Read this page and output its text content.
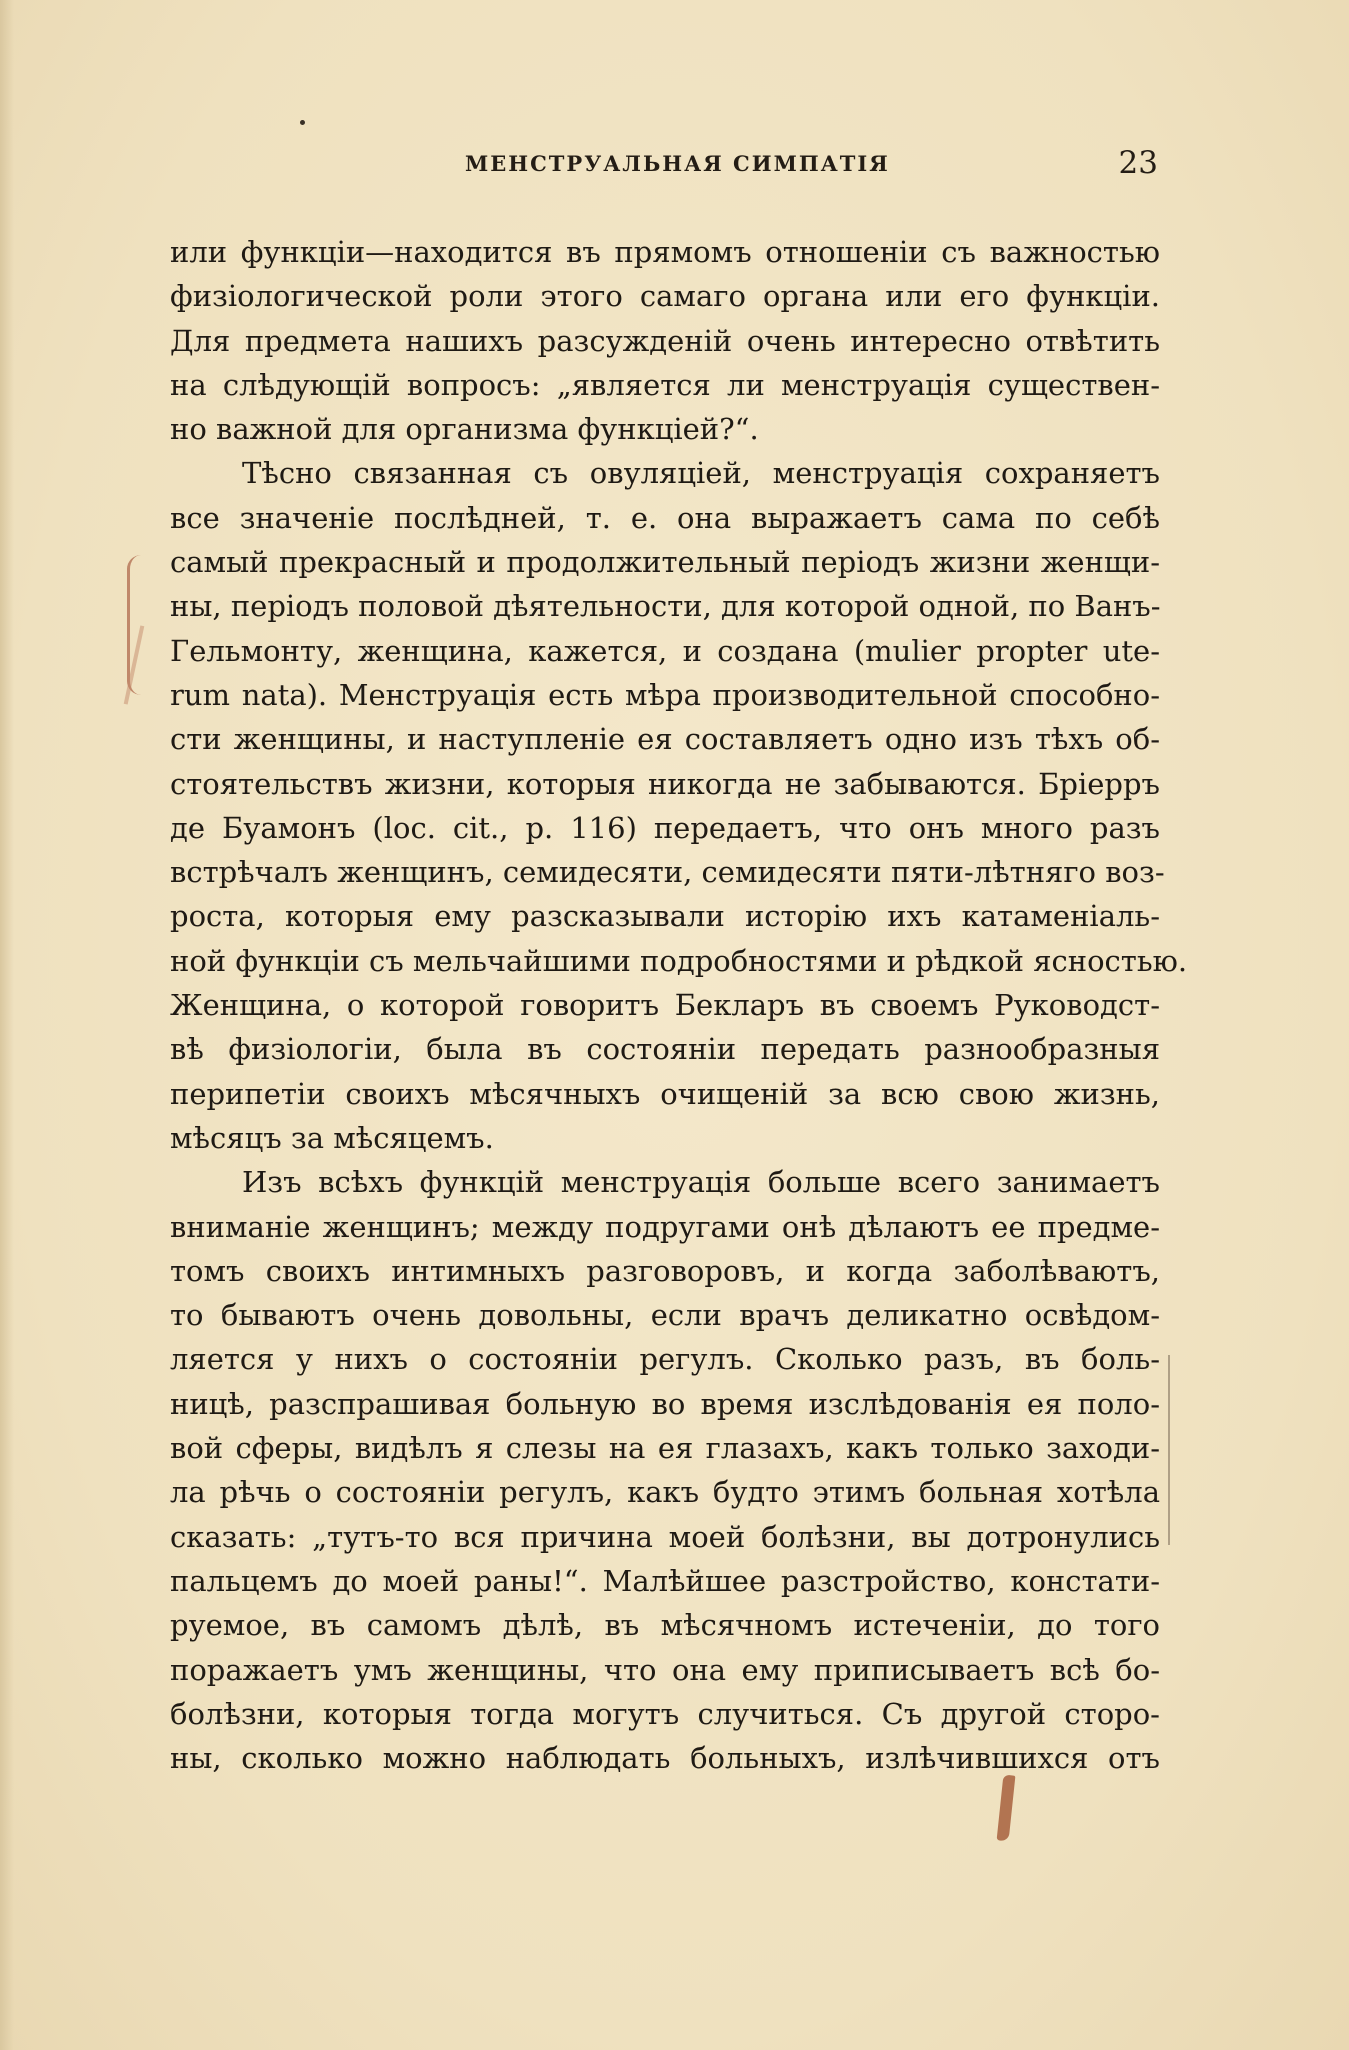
МЕНСТРУАЛЬНАЯ СИМПАТІЯ	23
или функціи—находится въ прямомъ отношеніи съ важностью
физіологической роли этого самаго органа или его функціи.
Для предмета нашихъ разсужденій очень интересно отвѣтить
на слѣдующій вопросъ: „является ли менструація существен-
но важной для организма функціей?“.
Тѣсно связанная съ овуляціей, менструація сохраняетъ
все значеніе послѣдней, т. е. она выражаетъ сама по себѣ
самый прекрасный и продолжительный періодъ жизни женщи-
ны, періодъ половой дѣятельности, для которой одной, по Ванъ-
Гельмонту, женщина, кажется, и создана (mulier propter ute-
rum nata). Менструація есть мѣра производительной способно-
сти женщины, и наступленіе ея составляетъ одно изъ тѣхъ об-
стоятельствъ жизни, которыя никогда не забываются. Бріерръ
де Буамонъ (loc. cit., p. 116) передаетъ, что онъ много разъ
встрѣчалъ женщинъ, семидесяти, семидесяти пяти-лѣтняго воз-
роста, которыя ему разсказывали исторію ихъ катаменіаль-
ной функціи съ мельчайшими подробностями и рѣдкой ясностью.
Женщина, о которой говоритъ Бекларъ въ своемъ Руководст-
вѣ физіологіи, была въ состояніи передать разнообразныя
перипетіи своихъ мѣсячныхъ очищеній за всю свою жизнь,
мѣсяцъ за мѣсяцемъ.
Изъ всѣхъ функцій менструація больше всего занимаетъ
вниманіе женщинъ; между подругами онѣ дѣлаютъ ее предме-
томъ своихъ интимныхъ разговоровъ, и когда заболѣваютъ,
то бываютъ очень довольны, если врачъ деликатно освѣдом-
ляется у нихъ о состояніи регулъ. Сколько разъ, въ боль-
ницѣ, разспрашивая больную во время изслѣдованія ея поло-
вой сферы, видѣлъ я слезы на ея глазахъ, какъ только заходи-
ла рѣчь о состояніи регулъ, какъ будто этимъ больная хотѣла
сказать: „тутъ-то вся причина моей болѣзни, вы дотронулись
пальцемъ до моей раны!“. Малѣйшее разстройство, констати-
руемое, въ самомъ дѣлѣ, въ мѣсячномъ истеченіи, до того
поражаетъ умъ женщины, что она ему приписываетъ всѣ бо-
болѣзни, которыя тогда могутъ случиться. Съ другой сторо-
ны, сколько можно наблюдать больныхъ, излѣчившихся отъ
